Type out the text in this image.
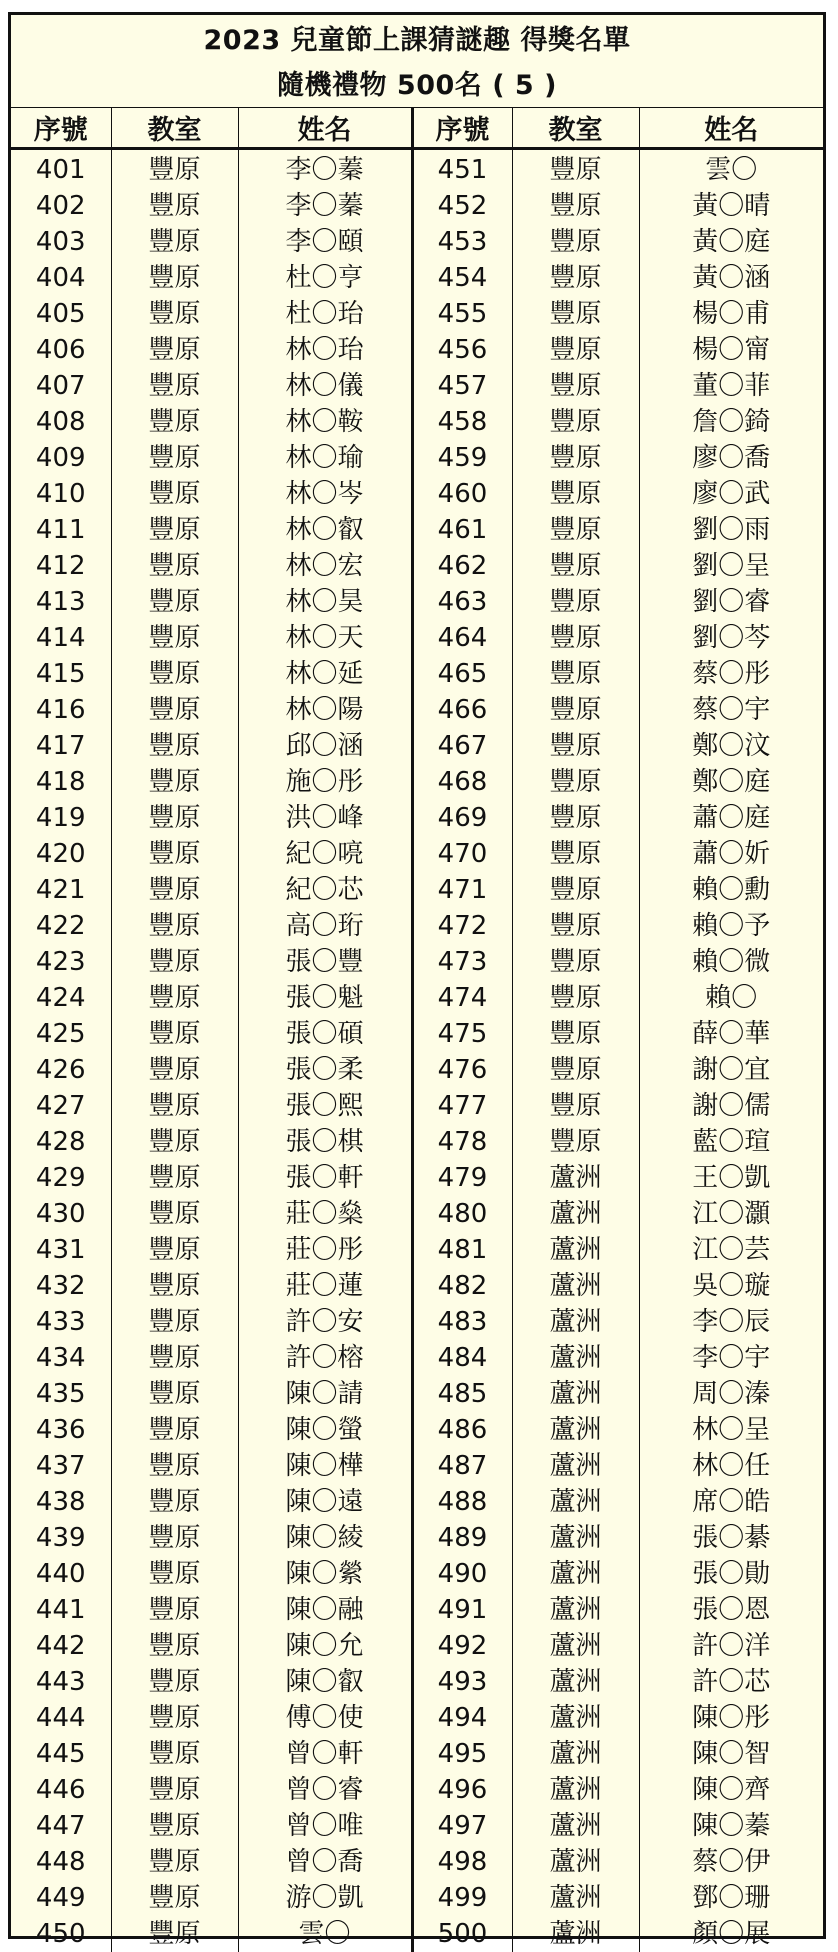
2023 兒童節上課猜謎趣 得獎名單
隨機禮物 500名 ( 5 )
序號	教室	姓名	序號	教室	姓名
401	豐原	李〇蓁	451	豐原	雲〇
402	豐原	李〇蓁	452	豐原	黃〇晴
403	豐原	李〇頤	453	豐原	黃〇庭
404	豐原	杜〇亨	454	豐原	黃〇涵
405	豐原	杜〇珆	455	豐原	楊〇甫
406	豐原	林〇珆	456	豐原	楊〇甯
407	豐原	林〇儀	457	豐原	董〇菲
408	豐原	林〇鞍	458	豐原	詹〇錡
409	豐原	林〇瑜	459	豐原	廖〇喬
410	豐原	林〇岑	460	豐原	廖〇武
411	豐原	林〇叡	461	豐原	劉〇雨
412	豐原	林〇宏	462	豐原	劉〇呈
413	豐原	林〇昊	463	豐原	劉〇睿
414	豐原	林〇天	464	豐原	劉〇芩
415	豐原	林〇延	465	豐原	蔡〇彤
416	豐原	林〇陽	466	豐原	蔡〇宇
417	豐原	邱〇涵	467	豐原	鄭〇汶
418	豐原	施〇彤	468	豐原	鄭〇庭
419	豐原	洪〇峰	469	豐原	蕭〇庭
420	豐原	紀〇喨	470	豐原	蕭〇妡
421	豐原	紀〇芯	471	豐原	賴〇勳
422	豐原	高〇珩	472	豐原	賴〇予
423	豐原	張〇豐	473	豐原	賴〇微
424	豐原	張〇魁	474	豐原	賴〇
425	豐原	張〇碩	475	豐原	薛〇華
426	豐原	張〇柔	476	豐原	謝〇宜
427	豐原	張〇熙	477	豐原	謝〇儒
428	豐原	張〇棋	478	豐原	藍〇瑄
429	豐原	張〇軒	479	蘆洲	王〇凱
430	豐原	莊〇燊	480	蘆洲	江〇灝
431	豐原	莊〇彤	481	蘆洲	江〇芸
432	豐原	莊〇蓮	482	蘆洲	吳〇璇
433	豐原	許〇安	483	蘆洲	李〇辰
434	豐原	許〇榕	484	蘆洲	李〇宇
435	豐原	陳〇請	485	蘆洲	周〇溱
436	豐原	陳〇螢	486	蘆洲	林〇呈
437	豐原	陳〇樺	487	蘆洲	林〇任
438	豐原	陳〇遠	488	蘆洲	席〇皓
439	豐原	陳〇綾	489	蘆洲	張〇綦
440	豐原	陳〇縈	490	蘆洲	張〇勛
441	豐原	陳〇融	491	蘆洲	張〇恩
442	豐原	陳〇允	492	蘆洲	許〇洋
443	豐原	陳〇叡	493	蘆洲	許〇芯
444	豐原	傅〇使	494	蘆洲	陳〇彤
445	豐原	曾〇軒	495	蘆洲	陳〇智
446	豐原	曾〇睿	496	蘆洲	陳〇齊
447	豐原	曾〇唯	497	蘆洲	陳〇蓁
448	豐原	曾〇喬	498	蘆洲	蔡〇伊
449	豐原	游〇凱	499	蘆洲	鄧〇珊
450	豐原	雲〇	500	蘆洲	顏〇展
